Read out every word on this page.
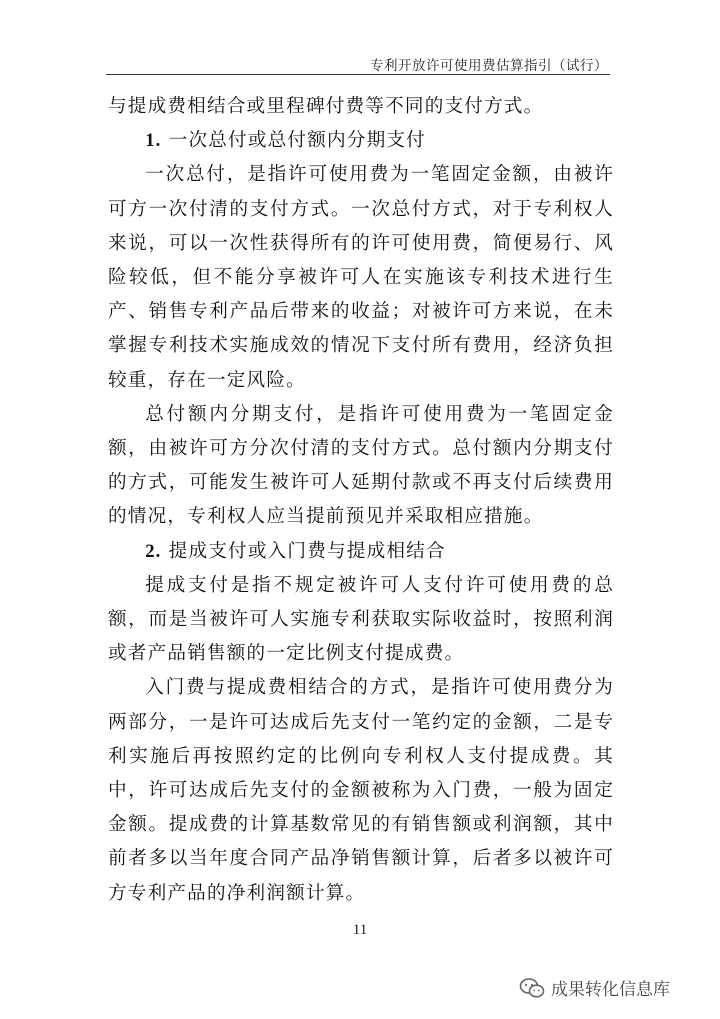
专利开放许可使用费估算指引（试行）

与提成费相结合或里程碑付费等不同的支付方式。

1. 一次总付或总付额内分期支付

一次总付，是指许可使用费为一笔固定金额，由被许可方一次付清的支付方式。一次总付方式，对于专利权人来说，可以一次性获得所有的许可使用费，简便易行、风险较低，但不能分享被许可人在实施该专利技术进行生产、销售专利产品后带来的收益；对被许可方来说，在未掌握专利技术实施成效的情况下支付所有费用，经济负担较重，存在一定风险。

总付额内分期支付，是指许可使用费为一笔固定金额，由被许可方分次付清的支付方式。总付额内分期支付的方式，可能发生被许可人延期付款或不再支付后续费用的情况，专利权人应当提前预见并采取相应措施。

2. 提成支付或入门费与提成相结合

提成支付是指不规定被许可人支付许可使用费的总额，而是当被许可人实施专利获取实际收益时，按照利润或者产品销售额的一定比例支付提成费。

入门费与提成费相结合的方式，是指许可使用费分为两部分，一是许可达成后先支付一笔约定的金额，二是专利实施后再按照约定的比例向专利权人支付提成费。其中，许可达成后先支付的金额被称为入门费，一般为固定金额。提成费的计算基数常见的有销售额或利润额，其中前者多以当年度合同产品净销售额计算，后者多以被许可方专利产品的净利润额计算。

11
成果转化信息库
